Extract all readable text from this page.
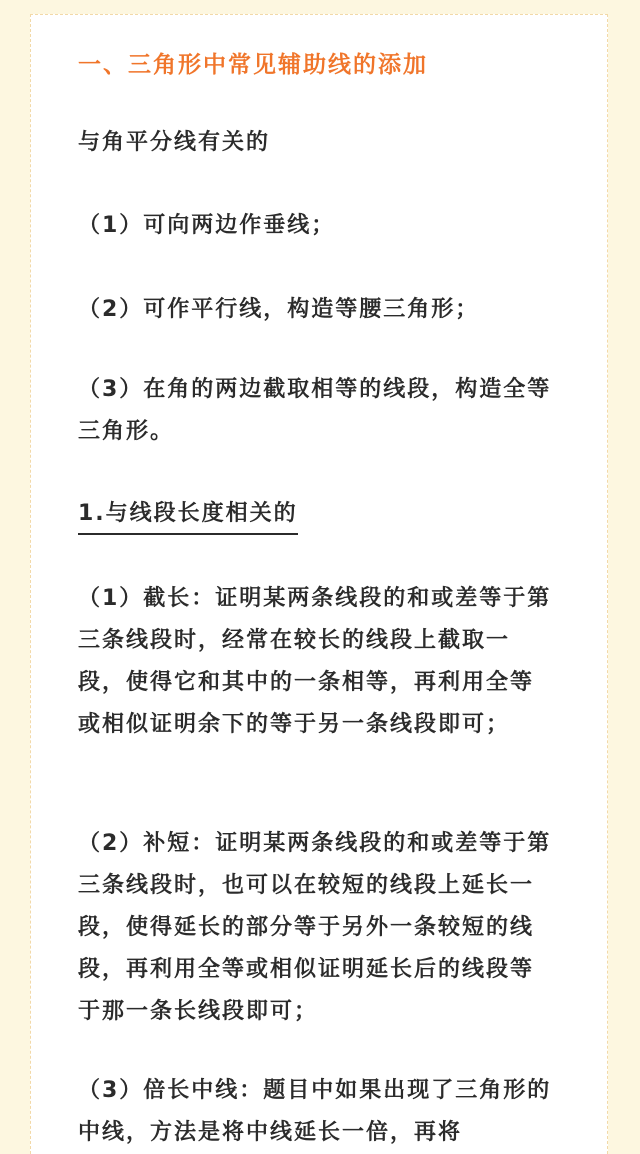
一、三角形中常见辅助线的添加
与角平分线有关的
（1）可向两边作垂线；
（2）可作平行线，构造等腰三角形；
（3）在角的两边截取相等的线段，构造全等三角形。
1.与线段长度相关的
（1）截长：证明某两条线段的和或差等于第三条线段时，经常在较长的线段上截取一段，使得它和其中的一条相等，再利用全等或相似证明余下的等于另一条线段即可；
（2）补短：证明某两条线段的和或差等于第三条线段时，也可以在较短的线段上延长一段，使得延长的部分等于另外一条较短的线段，再利用全等或相似证明延长后的线段等于那一条长线段即可；
（3）倍长中线：题目中如果出现了三角形的中线，方法是将中线延长一倍，再将
